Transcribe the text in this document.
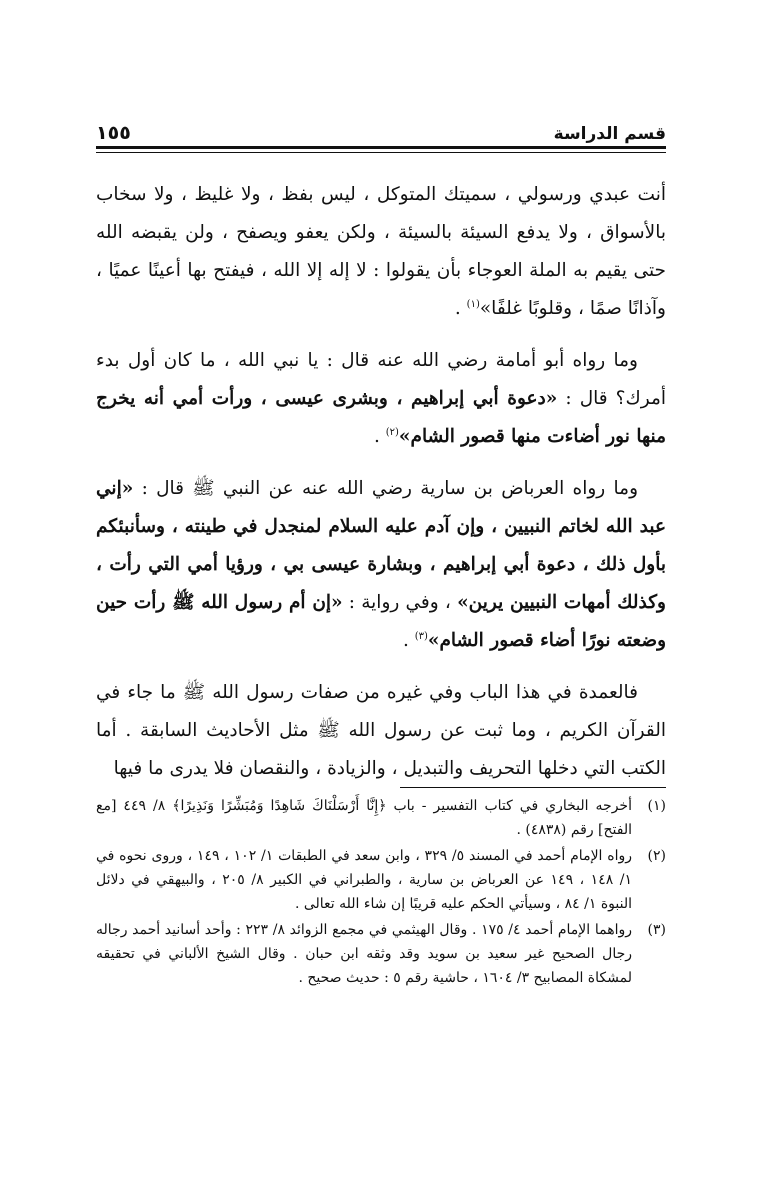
١٥٥	قسم الدراسة

أنت عبدي ورسولي ، سميتك المتوكل ، ليس بفظ ، ولا غليظ ، ولا سخاب بالأسواق ، ولا يدفع السيئة بالسيئة ، ولكن يعفو ويصفح ، ولن يقبضه الله حتى يقيم به الملة العوجاء بأن يقولوا : لا إله إلا الله ، فيفتح بها أعينًا عميًا ، وآذانًا صمًا ، وقلوبًا غلفًا»$^{(١)}$ .

وما رواه أبو أمامة رضي الله عنه قال : يا نبي الله ، ما كان أول بدء أمرك؟ قال : «دعوة أبي إبراهيم ، وبشرى عيسى ، ورأت أمي أنه يخرج منها نور أضاءت منها قصور الشام»$^{(٢)}$ .

وما رواه العرباض بن سارية رضي الله عنه عن النبي ﷺ قال : «إني عبد الله لخاتم النبيين ، وإن آدم عليه السلام لمنجدل في طينته ، وسأنبئكم بأول ذلك ، دعوة أبي إبراهيم ، وبشارة عيسى بي ، ورؤيا أمي التي رأت ، وكذلك أمهات النبيين يرين» ، وفي رواية : «إن أم رسول الله ﷺ رأت حين وضعته نورًا أضاء قصور الشام»$^{(٣)}$ .

فالعمدة في هذا الباب وفي غيره من صفات رسول الله ﷺ ما جاء في القرآن الكريم ، وما ثبت عن رسول الله ﷺ مثل الأحاديث السابقة . أما الكتب التي دخلها التحريف والتبديل ، والزيادة ، والنقصان فلا يدرى ما فيها

(١)
أخرجه البخاري في كتاب التفسير - باب ﴿إِنَّا أَرْسَلْنَاكَ شَاهِدًا وَمُبَشِّرًا وَنَذِيرًا﴾ ٨/ ٤٤٩ [مع الفتح] رقم (٤٨٣٨) .
(٢)
رواه الإمام أحمد في المسند ٥/ ٣٢٩ ، وابن سعد في الطبقات ١/ ١٠٢ ، ١٤٩ ، وروى نحوه في ١/ ١٤٨ ، ١٤٩ عن العرباض بن سارية ، والطبراني في الكبير ٨/ ٢٠٥ ، والبيهقي في دلائل النبوة ١/ ٨٤ ، وسيأتي الحكم عليه قريبًا إن شاء الله تعالى .
(٣)
رواهما الإمام أحمد ٤/ ١٧٥ . وقال الهيثمي في مجمع الزوائد ٨/ ٢٢٣ : وأحد أسانيد أحمد رجاله رجال الصحيح غير سعيد بن سويد وقد وثقه ابن حبان . وقال الشيخ الألباني في تحقيقه لمشكاة المصابيح ٣/ ١٦٠٤ ، حاشية رقم ٥ : حديث صحيح .
